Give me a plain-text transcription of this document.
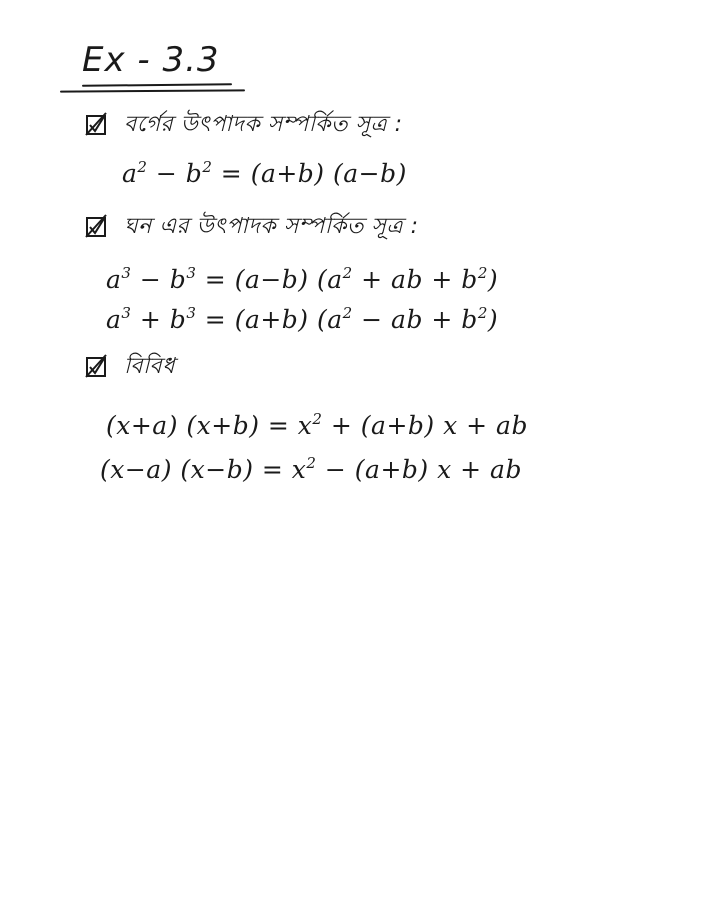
Ex - 3.3
বর্গের উৎপাদক সম্পর্কিত সূত্র :
$a^2 - b^2 = (a+b)$ (a−b)
ঘন এর উৎপাদক সম্পর্কিত সূত্র :
$a^3 - b^3 = (a-b) (a^2$ + ab + $b^2$)
$a^3 + b^3 = (a+b) (a^2$ − ab + $b^2$)
বিবিধ
(x+a) $(x+b) = x^2 + (a+b) x$ + ab
(x−a) $(x-b) = x^2 - (a+b) x$ + ab
